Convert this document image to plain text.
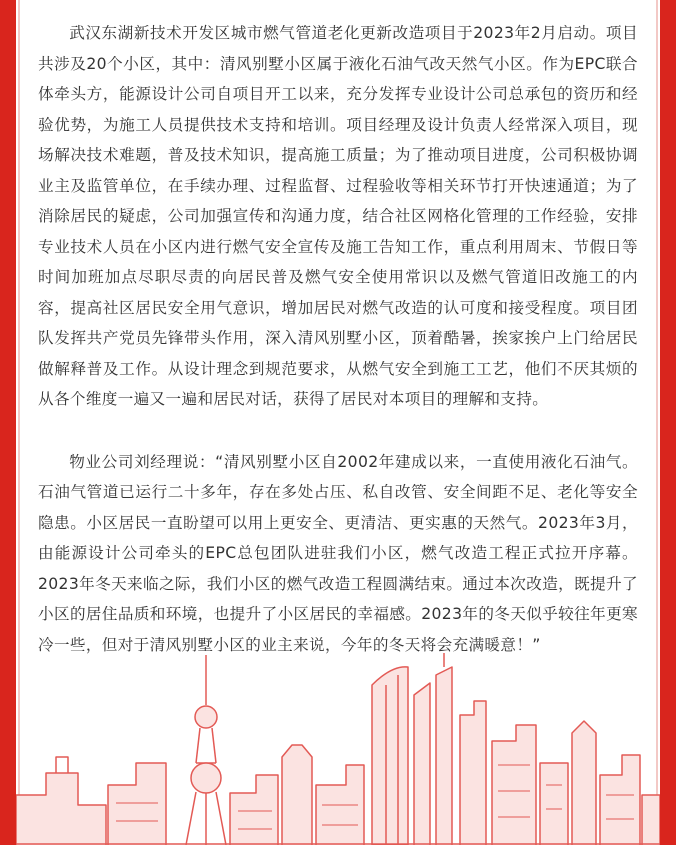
武汉东湖新技术开发区城市燃气管道老化更新改造项目于2023年2月启动。项目共涉及20个小区，其中：清风别墅小区属于液化石油气改天然气小区。作为EPC联合体牵头方，能源设计公司自项目开工以来，充分发挥专业设计公司总承包的资历和经验优势，为施工人员提供技术支持和培训。项目经理及设计负责人经常深入项目，现场解决技术难题，普及技术知识，提高施工质量；为了推动项目进度，公司积极协调业主及监管单位，在手续办理、过程监督、过程验收等相关环节打开快速通道；为了消除居民的疑虑，公司加强宣传和沟通力度，结合社区网格化管理的工作经验，安排专业技术人员在小区内进行燃气安全宣传及施工告知工作，重点利用周末、节假日等时间加班加点尽职尽责的向居民普及燃气安全使用常识以及燃气管道旧改施工的内容，提高社区居民安全用气意识，增加居民对燃气改造的认可度和接受程度。项目团队发挥共产党员先锋带头作用，深入清风别墅小区，顶着酷暑，挨家挨户上门给居民做解释普及工作。从设计理念到规范要求，从燃气安全到施工工艺，他们不厌其烦的从各个维度一遍又一遍和居民对话，获得了居民对本项目的理解和支持。

物业公司刘经理说：“清风别墅小区自2002年建成以来，一直使用液化石油气。石油气管道已运行二十多年，存在多处占压、私自改管、安全间距不足、老化等安全隐患。小区居民一直盼望可以用上更安全、更清洁、更实惠的天然气。2023年3月，由能源设计公司牵头的EPC总包团队进驻我们小区，燃气改造工程正式拉开序幕。2023年冬天来临之际，我们小区的燃气改造工程圆满结束。通过本次改造，既提升了小区的居住品质和环境，也提升了小区居民的幸福感。2023年的冬天似乎较往年更寒冷一些，但对于清风别墅小区的业主来说，今年的冬天将会充满暖意！”
